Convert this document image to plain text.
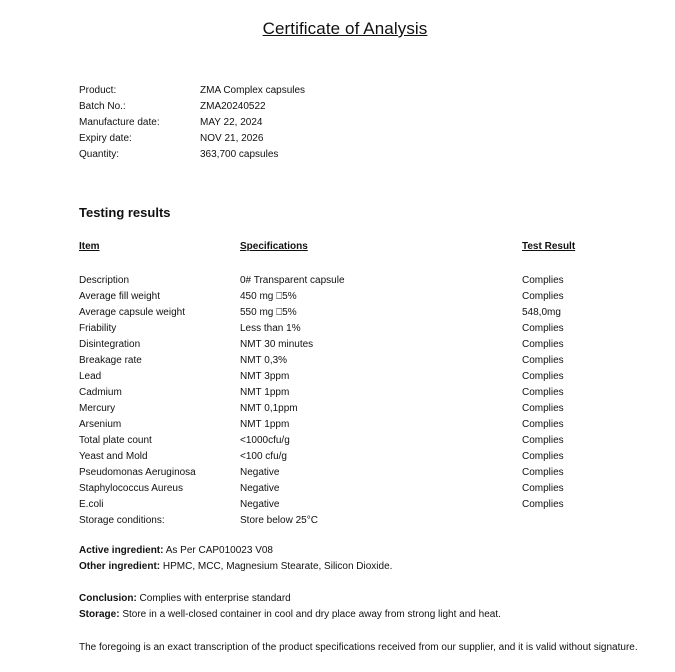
Certificate of Analysis
Product:	ZMA Complex capsules
Batch No.:	ZMA20240522
Manufacture date:	MAY 22, 2024
Expiry date:	NOV 21, 2026
Quantity:	363,700 capsules
Testing results
Item	Specifications	Test Result
Description	0# Transparent capsule	Complies
Average fill weight	450 mg ⎕5%	Complies
Average capsule weight	550 mg ⎕5%	548,0mg
Friability	Less than 1%	Complies
Disintegration	NMT 30 minutes	Complies
Breakage rate	NMT 0,3%	Complies
Lead	NMT 3ppm	Complies
Cadmium	NMT 1ppm	Complies
Mercury	NMT 0,1ppm	Complies
Arsenium	NMT 1ppm	Complies
Total plate count	<1000cfu/g	Complies
Yeast and Mold	<100 cfu/g	Complies
Pseudomonas Aeruginosa	Negative	Complies
Staphylococcus Aureus	Negative	Complies
E.coli	Negative	Complies
Storage conditions:	Store below 25°C
Active ingredient: As Per CAP010023 V08
Other ingredient: HPMC, MCC, Magnesium Stearate, Silicon Dioxide.
Conclusion: Complies with enterprise standard
Storage: Store in a well-closed container in cool and dry place away from strong light and heat.
The foregoing is an exact transcription of the product specifications received from our supplier, and it is valid without signature.
